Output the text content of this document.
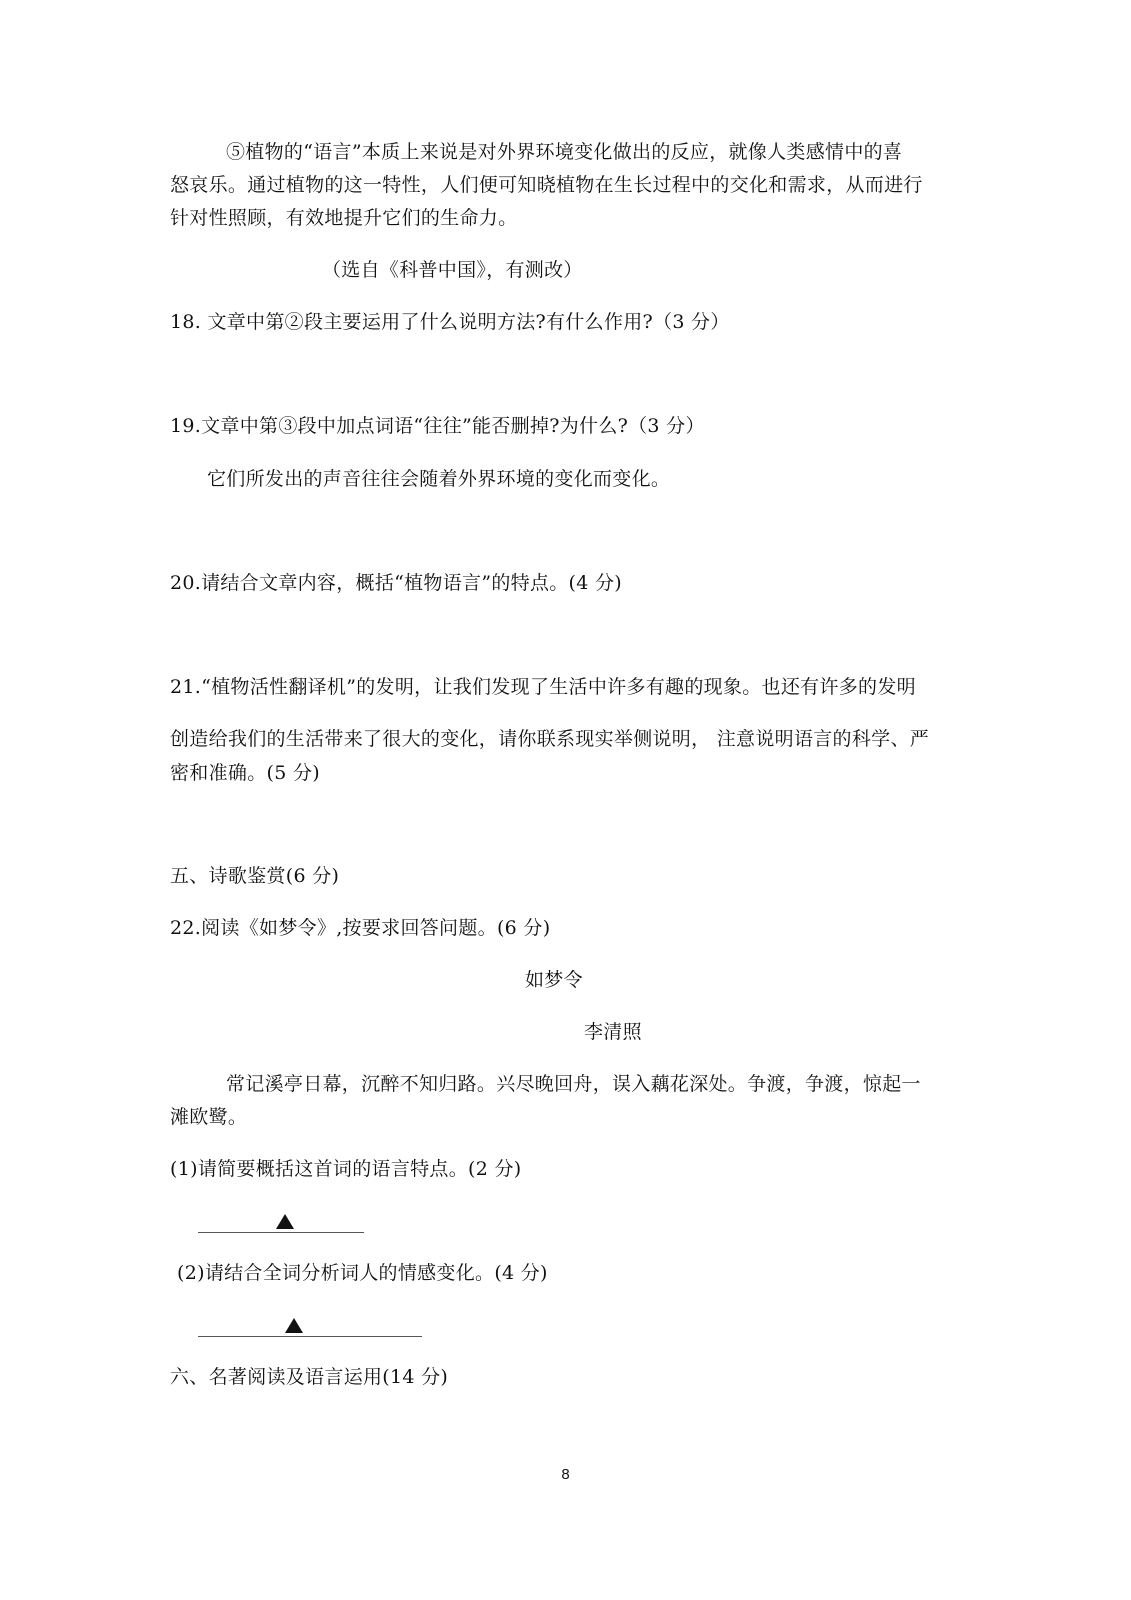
⑤植物的“语言”本质上来说是对外界环境变化做出的反应，就像人类感情中的喜
怒哀乐。通过植物的这一特性，人们便可知晓植物在生长过程中的交化和需求，从而进行
针对性照顾，有效地提升它们的生命力。
（选自《科普中国》，有测改）
18. 文章中第②段主要运用了什么说明方法?有什么作用?（3 分）
19.文章中第③段中加点词语“往往”能否删掉?为什么?（3 分）
它们所发出的声音往往会随着外界环境的变化而变化。
20.请结合文章内容，概括“植物语言”的特点。(4 分)
21.“植物活性翻译机”的发明，让我们发现了生活中许多有趣的现象。也还有许多的发明
创造给我们的生活带来了很大的变化，请你联系现实举侧说明， 注意说明语言的科学、严
密和准确。(5 分)
五、诗歌鉴赏(6 分)
22.阅读《如梦令》,按要求回答问题。(6 分)
如梦令
李清照
常记溪亭日幕，沉醉不知归路。兴尽晚回舟，误入藕花深处。争渡，争渡，惊起一
滩欧鹭。
(1)请简要概括这首词的语言特点。(2 分)
(2)请结合全词分析词人的情感变化。(4 分)
六、名著阅读及语言运用(14 分)
8
